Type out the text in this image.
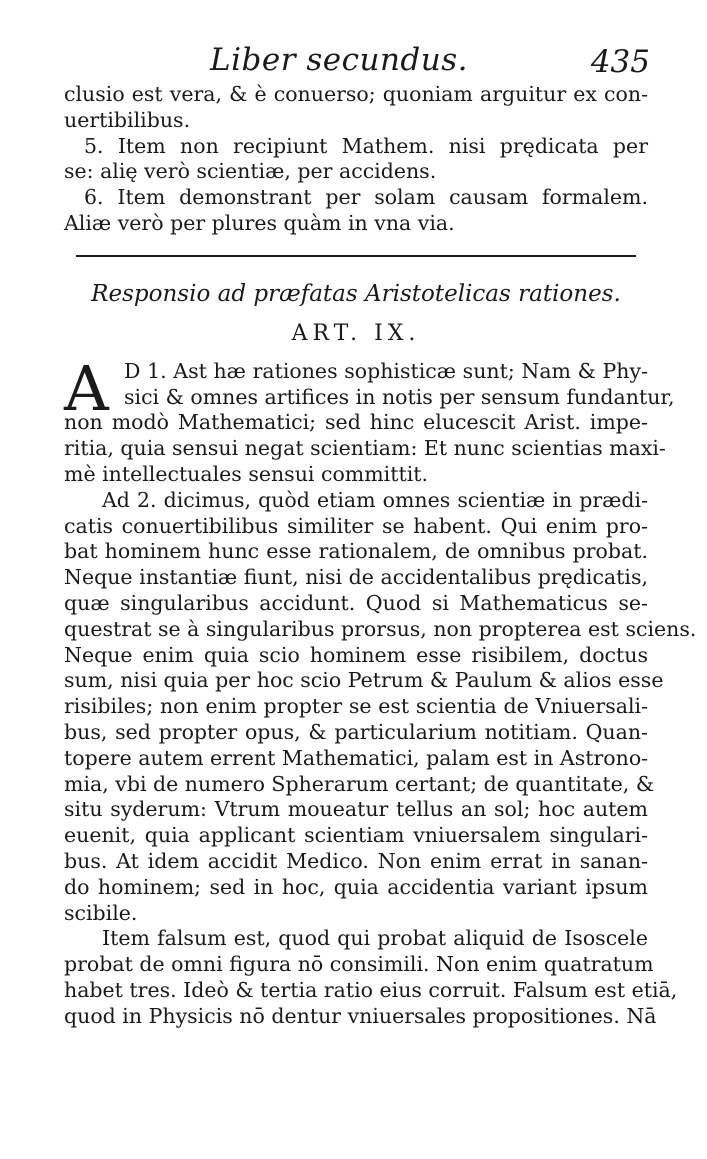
Liber secundus.	435
clusio est vera, & è conuerso; quoniam arguitur ex con-
uertibilibus.
5. Item non recipiunt Mathem. nisi prędicata per
se: alię verò scientiæ, per accidens.
6. Item demonstrant per solam causam formalem.
Aliæ verò per plures quàm in vna via.
Responsio ad præfatas Aristotelicas rationes.
ART. IX.
A D 1. Ast hæ rationes sophisticæ sunt; Nam & Phy-
sici & omnes artifices in notis per sensum fundantur,
non modò Mathematici; sed hinc elucescit Arist. impe-
ritia, quia sensui negat scientiam: Et nunc scientias maxi-
mè intellectuales sensui committit.
Ad 2. dicimus, quòd etiam omnes scientiæ in prædi-
catis conuertibilibus similiter se habent. Qui enim pro-
bat hominem hunc esse rationalem, de omnibus probat.
Neque instantiæ fiunt, nisi de accidentalibus prędicatis,
quæ singularibus accidunt. Quod si Mathematicus se-
questrat se à singularibus prorsus, non propterea est sciens.
Neque enim quia scio hominem esse risibilem, doctus
sum, nisi quia per hoc scio Petrum & Paulum & alios esse
risibiles; non enim propter se est scientia de Vniuersali-
bus, sed propter opus, & particularium notitiam. Quan-
topere autem errent Mathematici, palam est in Astrono-
mia, vbi de numero Spherarum certant; de quantitate, &
situ syderum: Vtrum moueatur tellus an sol; hoc autem
euenit, quia applicant scientiam vniuersalem singulari-
bus. At idem accidit Medico. Non enim errat in sanan-
do hominem; sed in hoc, quia accidentia variant ipsum
scibile.
Item falsum est, quod qui probat aliquid de Isoscele
probat de omni figura nō consimili. Non enim quatratum
habet tres. Ideò & tertia ratio eius corruit. Falsum est etiā,
quod in Physicis nō dentur vniuersales propositiones. Nā
